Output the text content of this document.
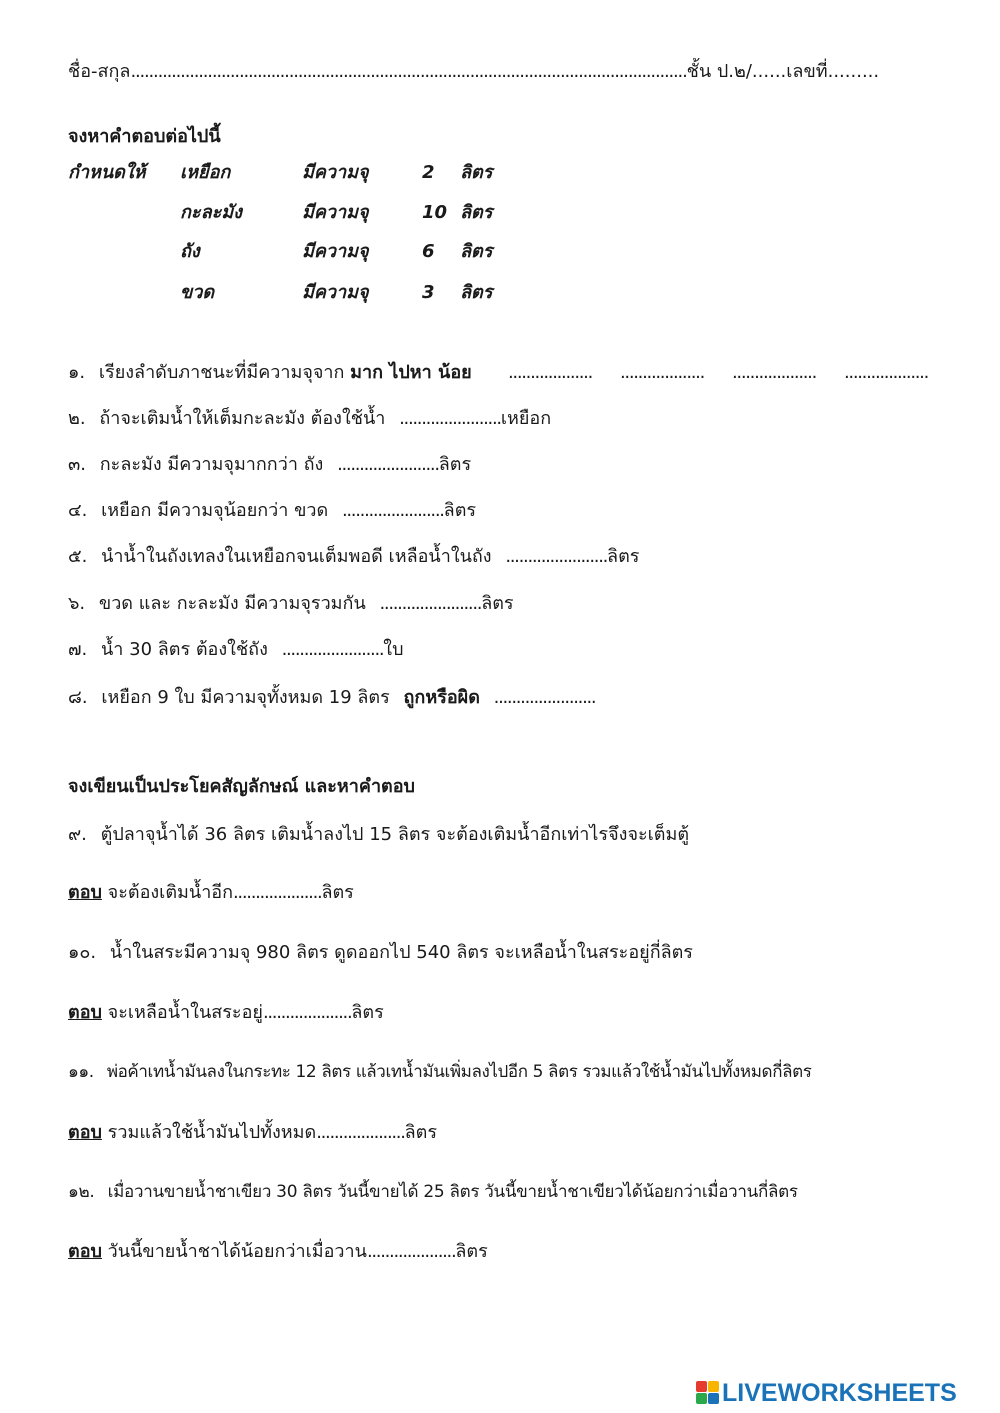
ชื่อ-สกุล...........................................................................................................................ชั้น ป.๒/......เลขที่.........
จงหาคำตอบต่อไปนี้
กำหนดให้ เหยือก	มีความจุ	2 ลิตร
กะละมัง	มีความจุ	10 ลิตร
ถัง	มีความจุ	6 ลิตร
ขวด	มีความจุ	3 ลิตร
๑. เรียงลำดับภาชนะที่มีความจุจาก มาก ไปหา น้อย ................... ................... ................... ...................
๒. ถ้าจะเติมน้ำให้เต็มกะละมัง ต้องใช้น้ำ .......................เหยือก
๓. กะละมัง มีความจุมากกว่า ถัง .......................ลิตร
๔. เหยือก มีความจุน้อยกว่า ขวด .......................ลิตร
๕. นำน้ำในถังเทลงในเหยือกจนเต็มพอดี เหลือน้ำในถัง .......................ลิตร
๖. ขวด และ กะละมัง มีความจุรวมกัน .......................ลิตร
๗. น้ำ 30 ลิตร ต้องใช้ถัง .......................ใบ
๘. เหยือก 9 ใบ มีความจุทั้งหมด 19 ลิตร ถูกหรือผิด .......................
จงเขียนเป็นประโยคสัญลักษณ์ และหาคำตอบ
๙. ตู้ปลาจุน้ำได้ 36 ลิตร เติมน้ำลงไป 15 ลิตร จะต้องเติมน้ำอีกเท่าไรจึงจะเต็มตู้
ตอบ จะต้องเติมน้ำอีก....................ลิตร
๑๐. น้ำในสระมีความจุ 980 ลิตร ดูดออกไป 540 ลิตร จะเหลือน้ำในสระอยู่กี่ลิตร
ตอบ จะเหลือน้ำในสระอยู่....................ลิตร
๑๑. พ่อค้าเทน้ำมันลงในกระทะ 12 ลิตร แล้วเทน้ำมันเพิ่มลงไปอีก 5 ลิตร รวมแล้วใช้น้ำมันไปทั้งหมดกี่ลิตร
ตอบ รวมแล้วใช้น้ำมันไปทั้งหมด....................ลิตร
๑๒. เมื่อวานขายน้ำชาเขียว 30 ลิตร วันนี้ขายได้ 25 ลิตร วันนี้ขายน้ำชาเขียวได้น้อยกว่าเมื่อวานกี่ลิตร
ตอบ วันนี้ขายน้ำชาได้น้อยกว่าเมื่อวาน....................ลิตร
LIVEWORKSHEETS
